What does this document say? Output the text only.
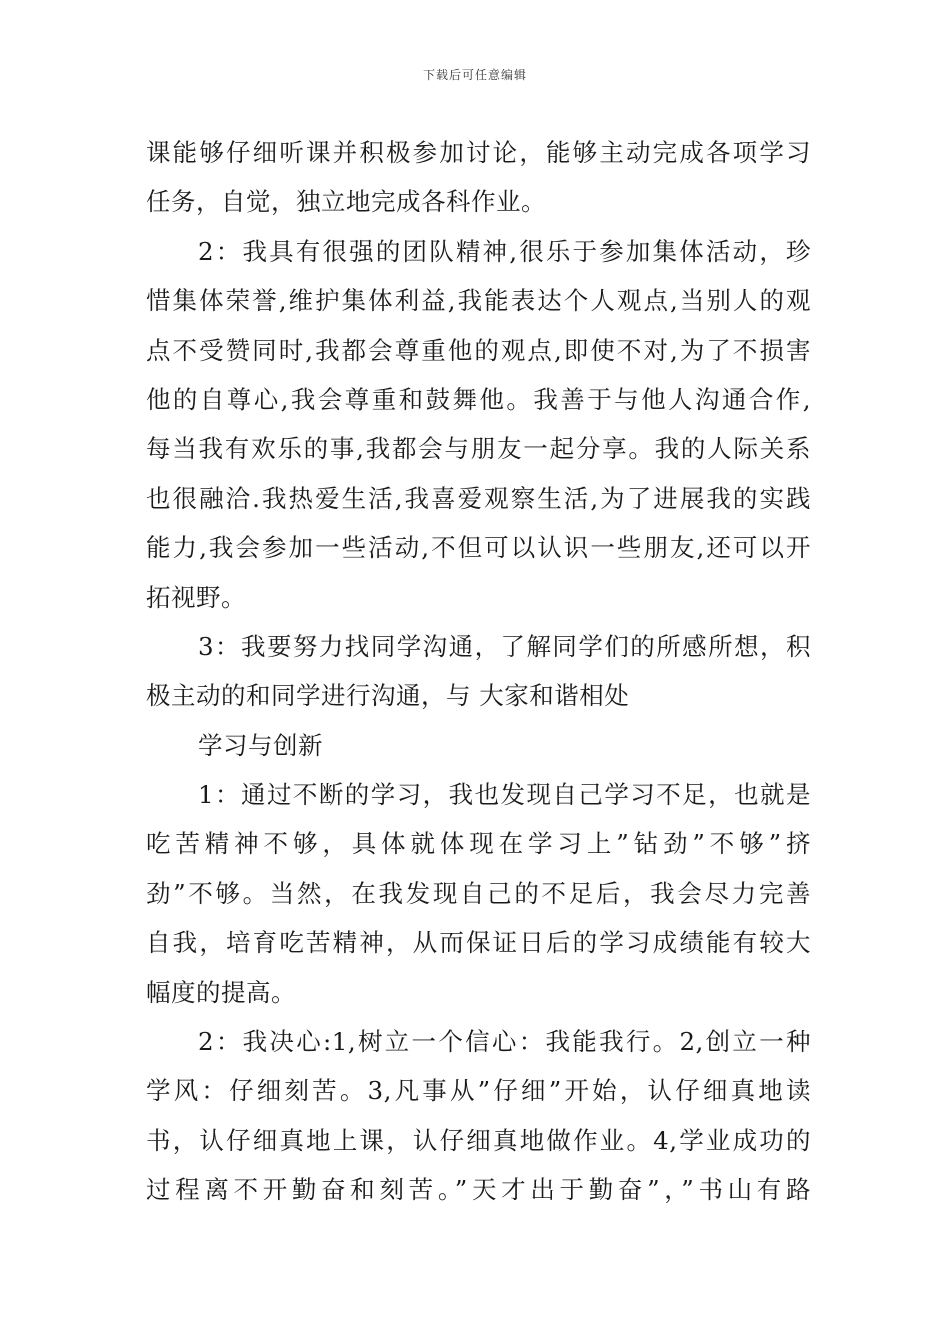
下载后可任意编辑
课能够仔细听课并积极参加讨论，能够主动完成各项学习
任务，自觉，独立地完成各科作业。
2：我具有很强的团队精神,很乐于参加集体活动，珍
惜集体荣誉,维护集体利益,我能表达个人观点,当别人的观
点不受赞同时,我都会尊重他的观点,即使不对,为了不损害
他的自尊心,我会尊重和鼓舞他。我善于与他人沟通合作,
每当我有欢乐的事,我都会与朋友一起分享。我的人际关系
也很融洽.我热爱生活,我喜爱观察生活,为了进展我的实践
能力,我会参加一些活动,不但可以认识一些朋友,还可以开
拓视野。
3：我要努力找同学沟通，了解同学们的所感所想，积
极主动的和同学进行沟通，与 大家和谐相处
学习与创新
1：通过不断的学习，我也发现自己学习不足，也就是
吃苦精神不够，具体就体现在学习上”钻劲”不够”挤
劲”不够。当然，在我发现自己的不足后，我会尽力完善
自我，培育吃苦精神，从而保证日后的学习成绩能有较大
幅度的提高。
2：我决心:1,树立一个信心：我能我行。2,创立一种
学风：仔细刻苦。3,凡事从”仔细”开始，认仔细真地读
书，认仔细真地上课，认仔细真地做作业。4,学业成功的
过程离不开勤奋和刻苦。”天才出于勤奋”，”书山有路
